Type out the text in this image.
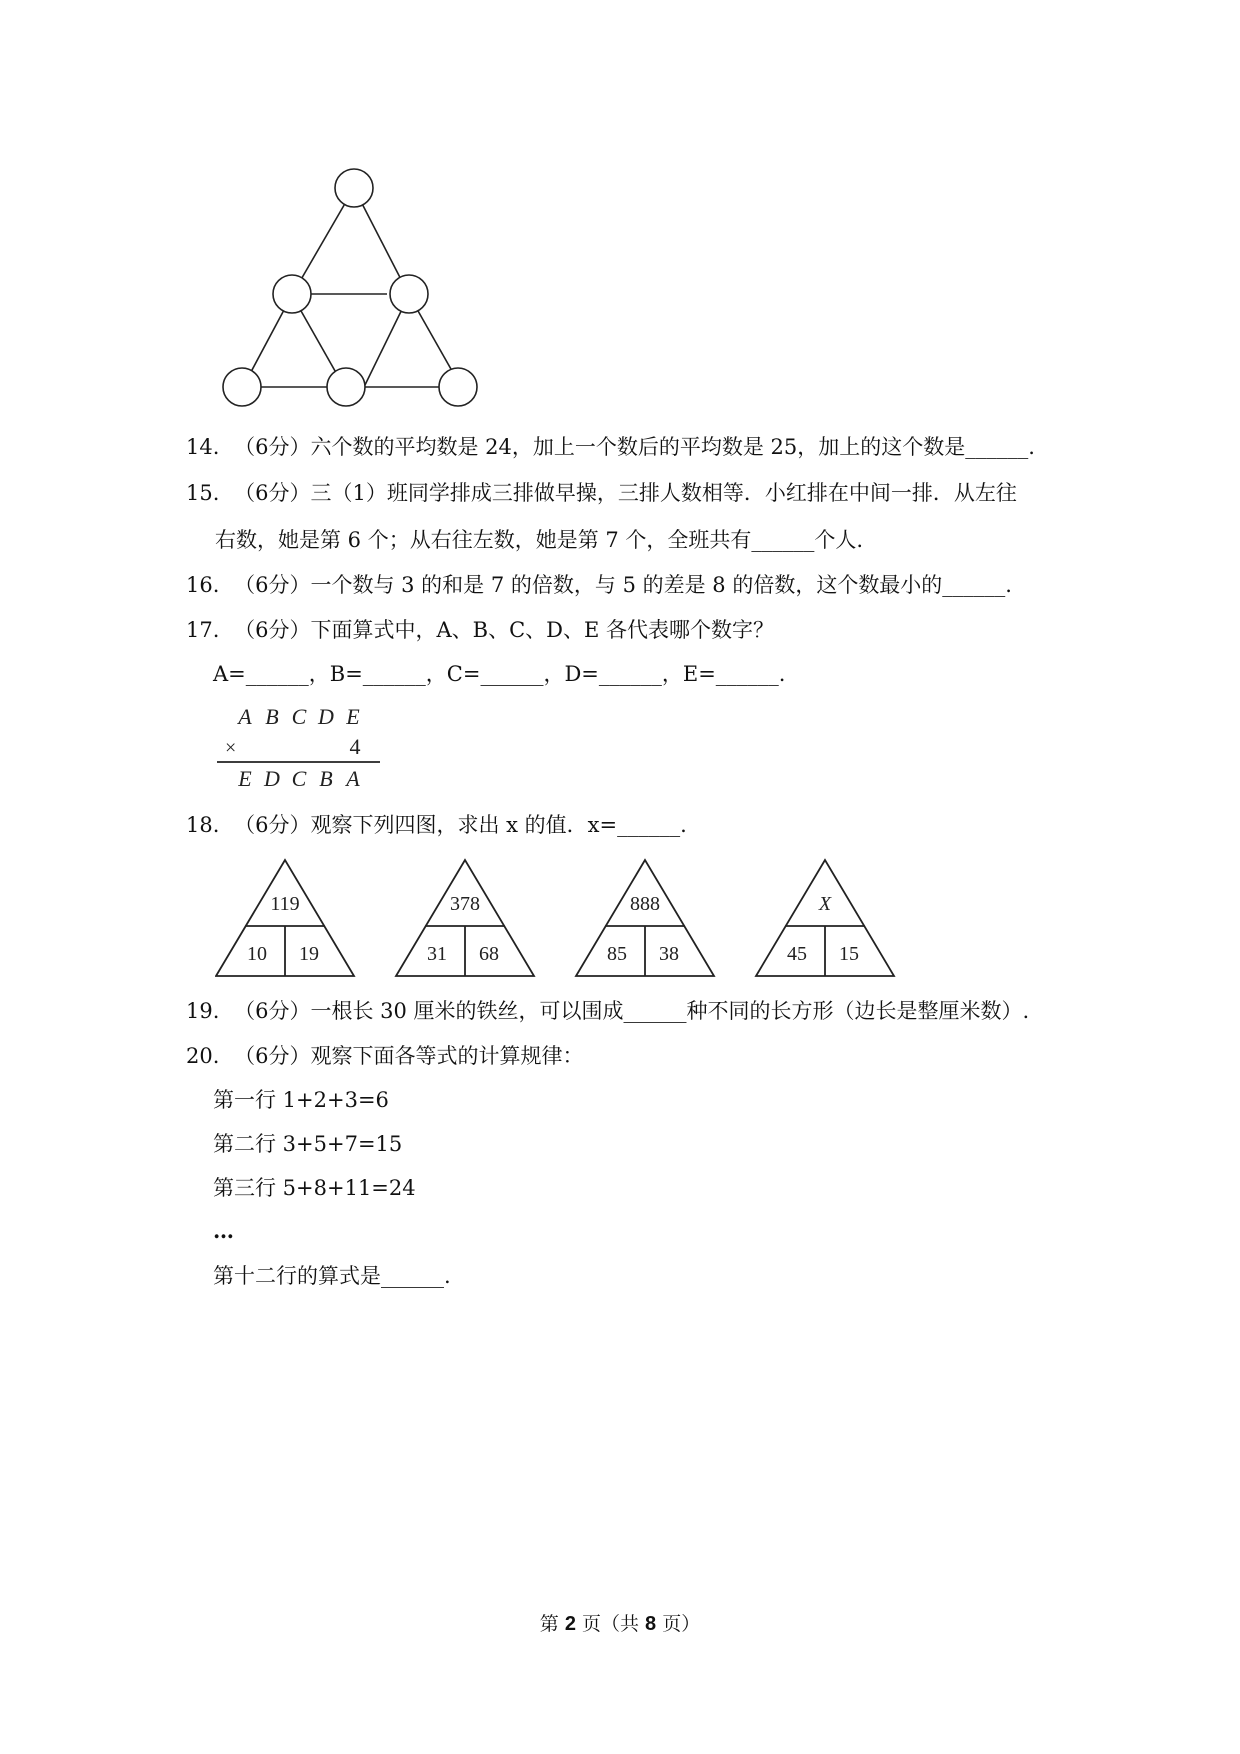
14. （6分）六个数的平均数是 24，加上一个数后的平均数是 25，加上的这个数是______.
15. （6分）三（1）班同学排成三排做早操，三排人数相等．小红排在中间一排．从左往
右数，她是第 6 个；从右往左数，她是第 7 个，全班共有______个人.
16. （6分）一个数与 3 的和是 7 的倍数，与 5 的差是 8 的倍数，这个数最小的______.
17. （6分）下面算式中，A、B、C、D、E 各代表哪个数字？
A=______，B=______，C=______，D=______，E=______.
A B C D E
×	4
E D C B A
18. （6分）观察下列四图，求出 x 的值．x=______.
119
10 19
378
31 68
888
85 38
X
45 15
19. （6分）一根长 30 厘米的铁丝，可以围成______种不同的长方形（边长是整厘米数）.
20. （6分）观察下面各等式的计算规律：
第一行 1+2+3=6
第二行 3+5+7=15
第三行 5+8+11=24
…
第十二行的算式是______.
第 2 页（共 8 页）
